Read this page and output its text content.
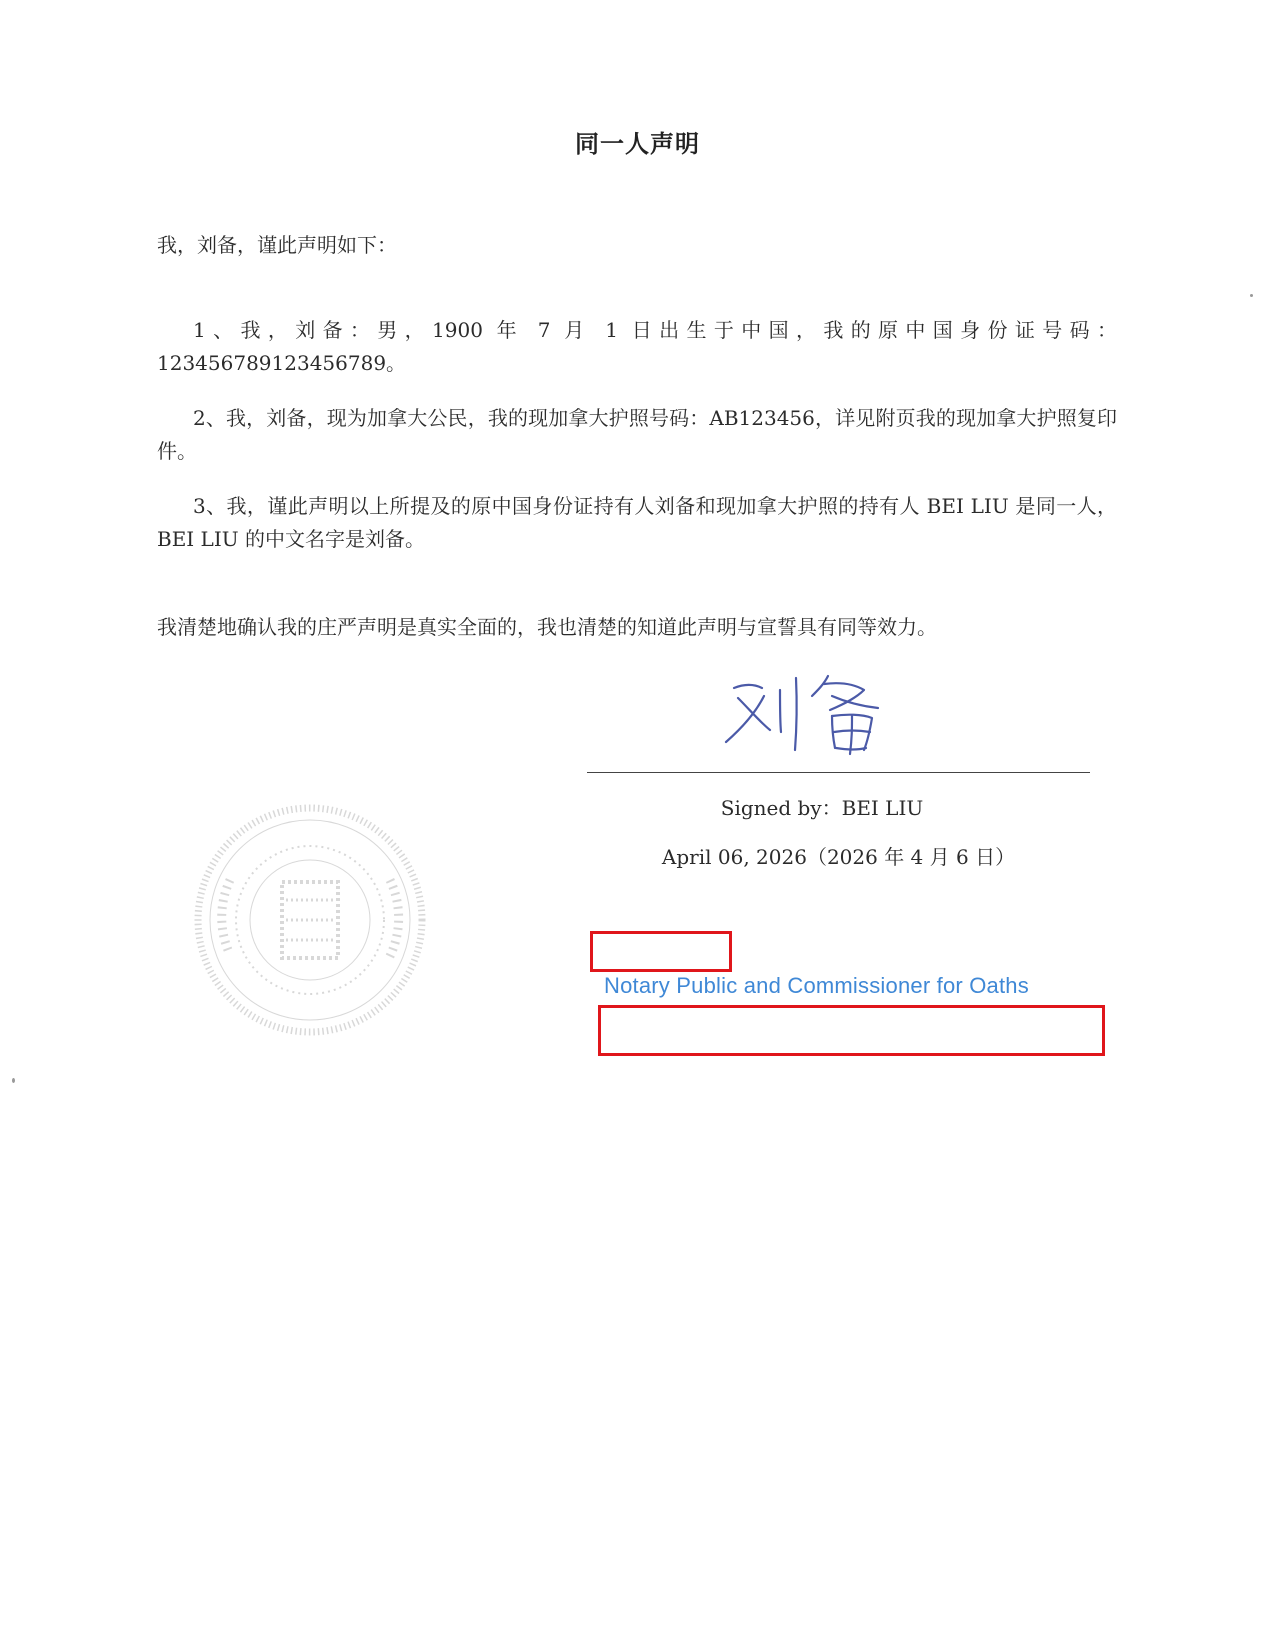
同一人声明
我，刘备，谨此声明如下：
1、我，刘备：男，1900 年 7 月 1 日出生于中国，我的原中国身份证号码：123456789123456789。
2、我，刘备，现为加拿大公民，我的现加拿大护照号码：AB123456，详见附页我的现加拿大护照复印件。
3、我，谨此声明以上所提及的原中国身份证持有人刘备和现加拿大护照的持有人 BEI LIU 是同一人，BEI LIU 的中文名字是刘备。
我清楚地确认我的庄严声明是真实全面的，我也清楚的知道此声明与宣誓具有同等效力。
Signed by：BEI LIU
April 06, 2026（2026 年 4 月 6 日）
Notary Public and Commissioner for Oaths
